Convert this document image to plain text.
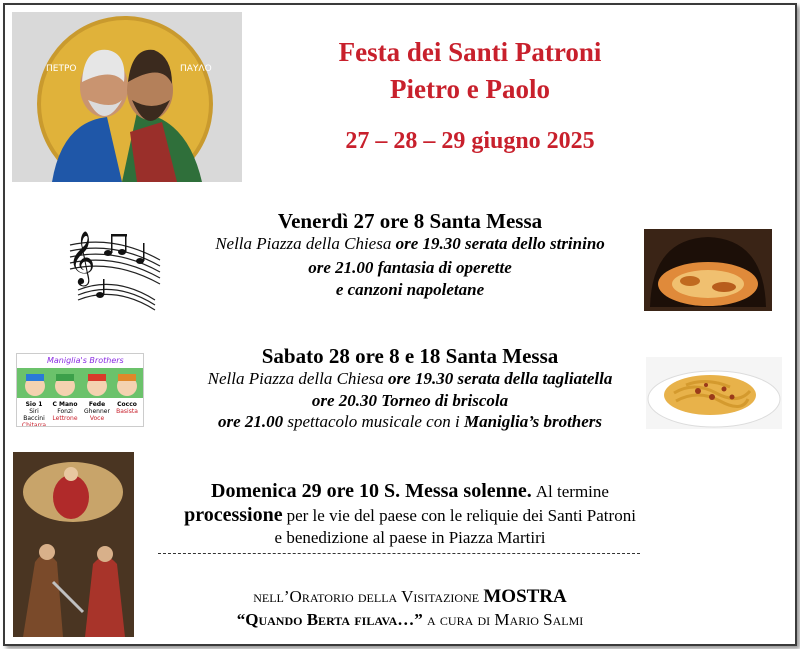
ΠΕΤΡΟ	ΠΑΥΛΟ
Festa dei Santi Patroni
Pietro e Paolo
27 – 28 – 29 giugno 2025
𝄞
Venerdì 27 ore 8 Santa Messa
Nella Piazza della Chiesa ore 19.30 serata dello strinino
ore 21.00 fantasia di operette
e canzoni napoletane
Maniglia's Brothers
Sio 1
Siri Baccini
Chitarra
C Mano
Fonzi
Lettrone
Fede
Ghenner
Voce
Cocco
Basista
Sabato 28 ore 8 e 18 Santa Messa
Nella Piazza della Chiesa ore 19.30 serata della tagliatella
ore 20.30 Torneo di briscola
ore 21.00 spettacolo musicale con i Maniglia’s brothers
Domenica 29 ore 10 S. Messa solenne. Al termine
processione per le vie del paese con le reliquie dei Santi Patroni
e benedizione al paese in Piazza Martiri
nell’Oratorio della Visitazione MOSTRA
“Quando Berta filava…” a cura di Mario Salmi
